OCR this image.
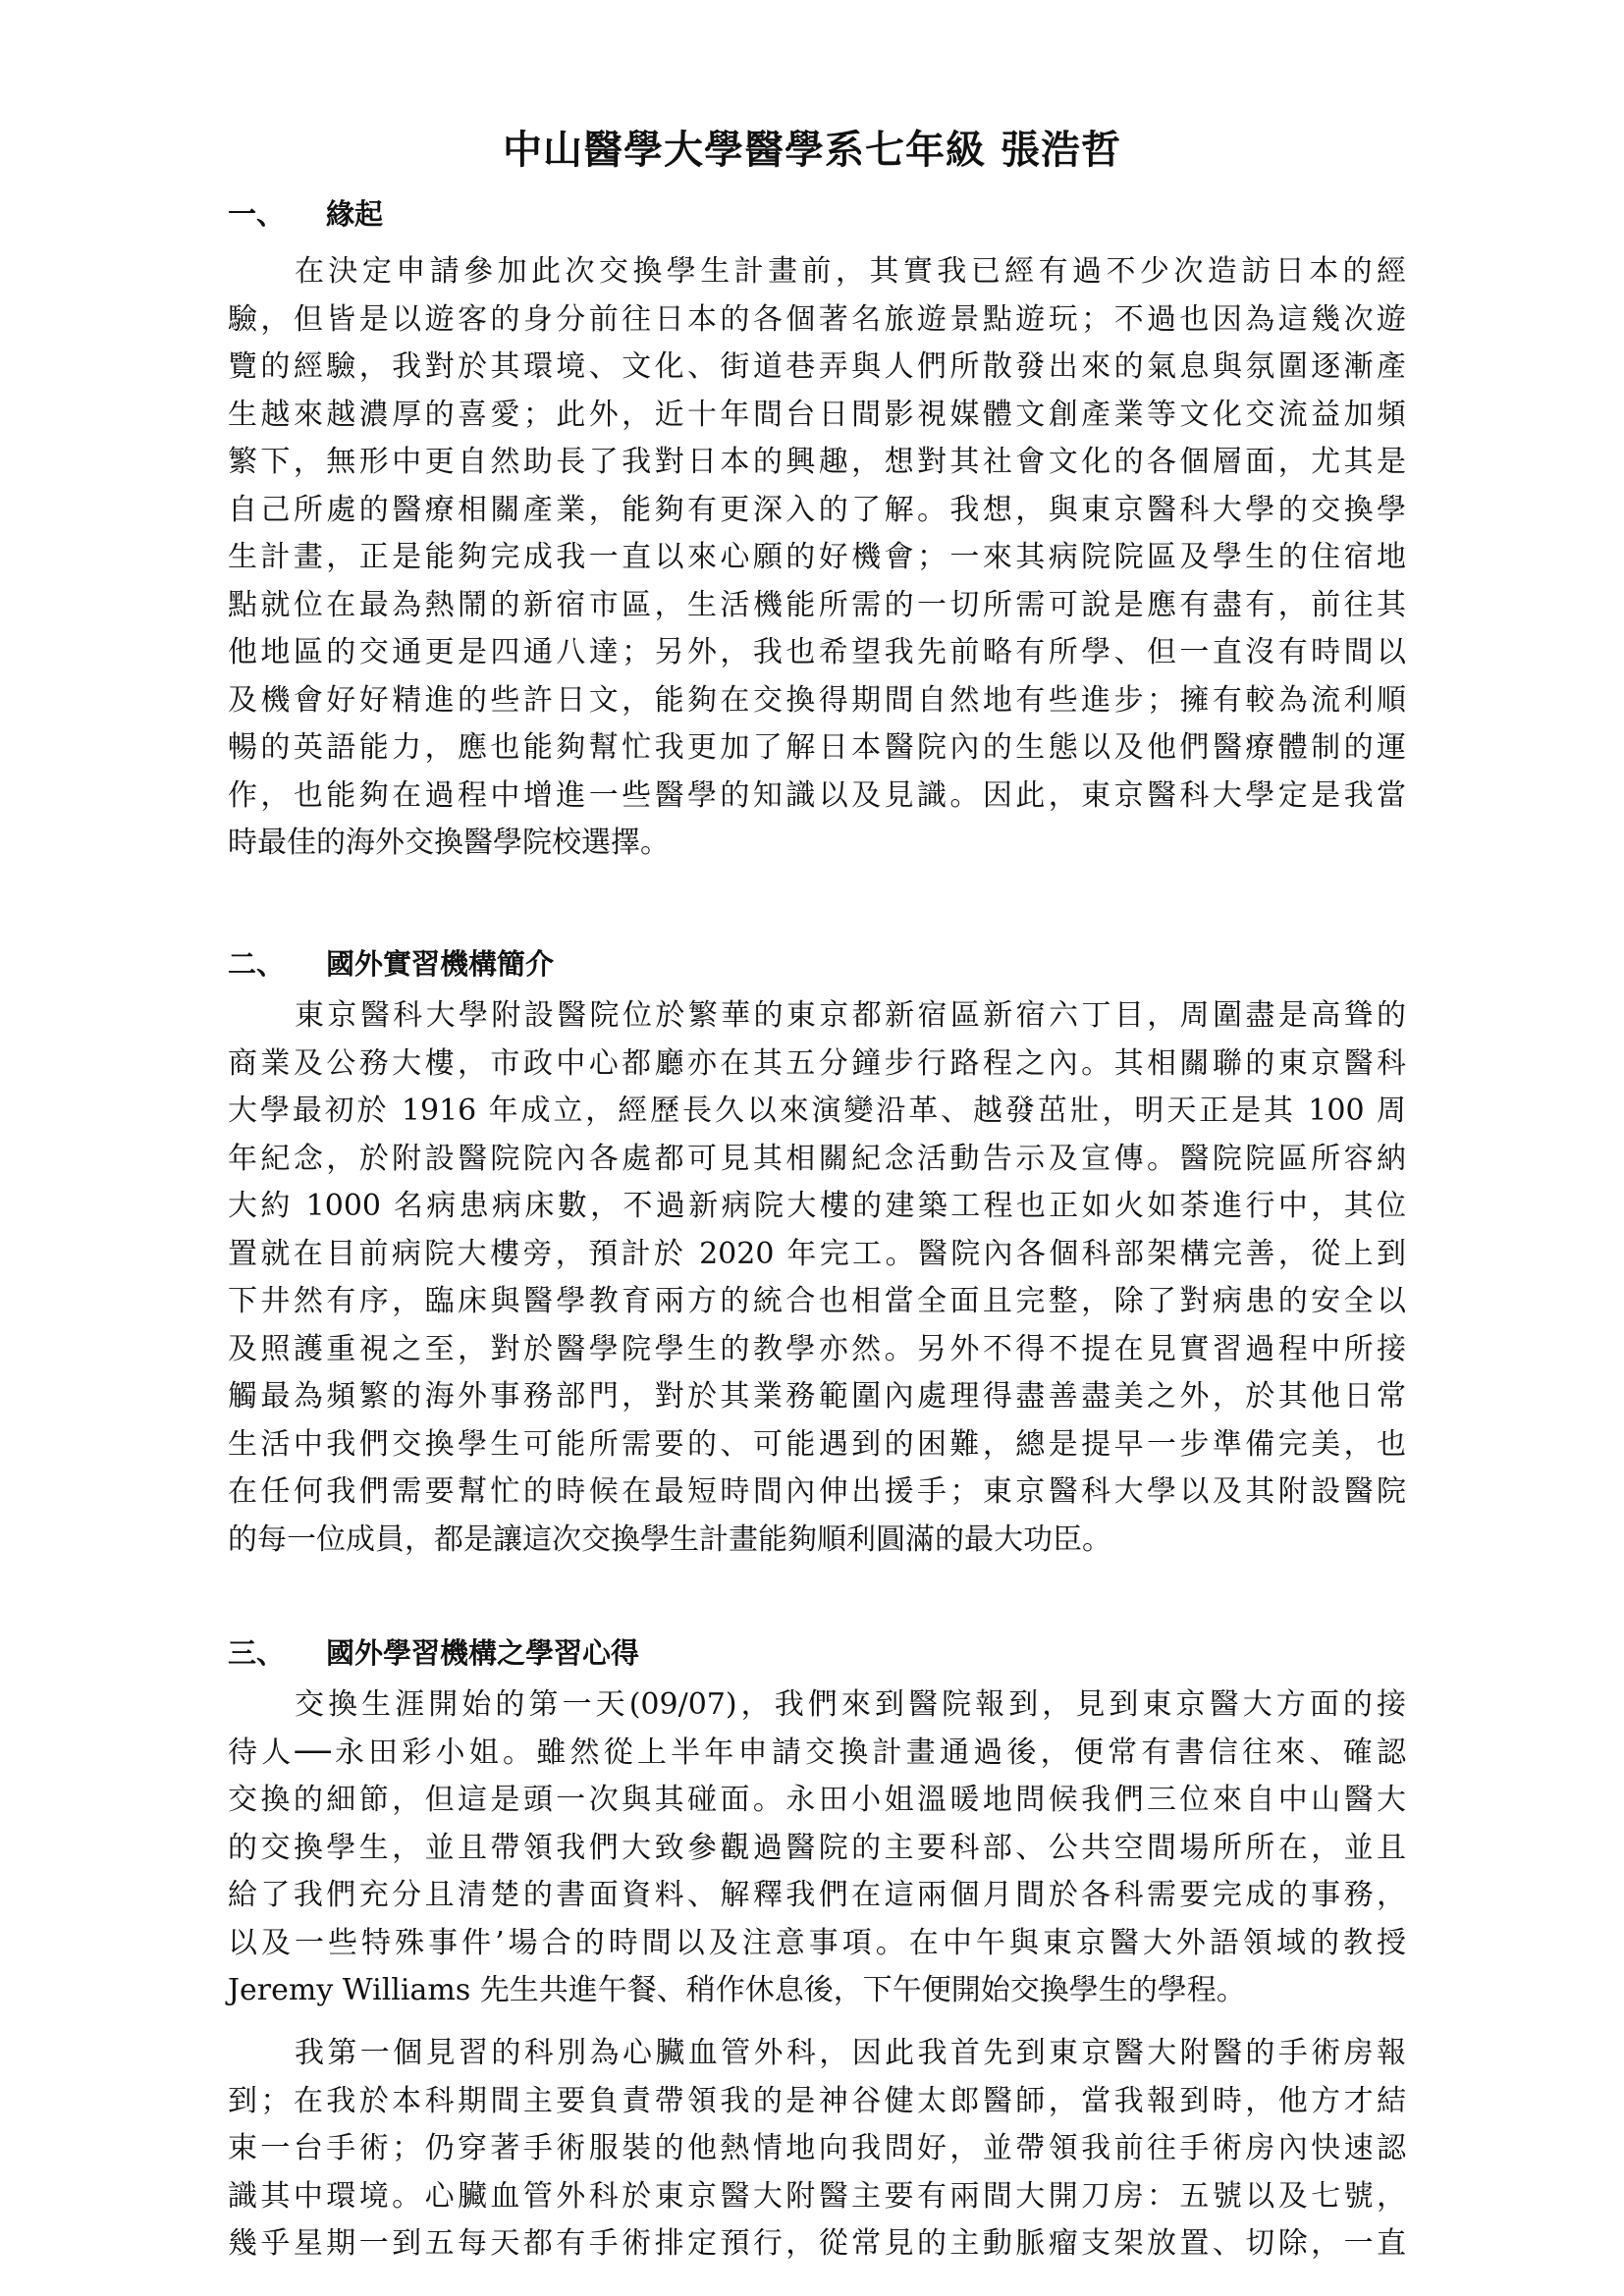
中山醫學大學醫學系七年級 張浩哲
一、 緣起
在決定申請參加此次交換學生計畫前，其實我已經有過不少次造訪日本的經
驗，但皆是以遊客的身分前往日本的各個著名旅遊景點遊玩；不過也因為這幾次遊
覽的經驗，我對於其環境、文化、街道巷弄與人們所散發出來的氣息與氛圍逐漸產
生越來越濃厚的喜愛；此外，近十年間台日間影視媒體文創產業等文化交流益加頻
繁下，無形中更自然助長了我對日本的興趣，想對其社會文化的各個層面，尤其是
自己所處的醫療相關產業，能夠有更深入的了解。我想，與東京醫科大學的交換學
生計畫，正是能夠完成我一直以來心願的好機會；一來其病院院區及學生的住宿地
點就位在最為熱鬧的新宿市區，生活機能所需的一切所需可說是應有盡有，前往其
他地區的交通更是四通八達；另外，我也希望我先前略有所學、但一直沒有時間以
及機會好好精進的些許日文，能夠在交換得期間自然地有些進步；擁有較為流利順
暢的英語能力，應也能夠幫忙我更加了解日本醫院內的生態以及他們醫療體制的運
作，也能夠在過程中增進一些醫學的知識以及見識。因此，東京醫科大學定是我當
時最佳的海外交換醫學院校選擇。
二、 國外實習機構簡介
東京醫科大學附設醫院位於繁華的東京都新宿區新宿六丁目，周圍盡是高聳的
商業及公務大樓，市政中心都廳亦在其五分鐘步行路程之內。其相關聯的東京醫科
大學最初於 1916 年成立，經歷長久以來演變沿革、越發茁壯，明天正是其 100 周
年紀念，於附設醫院院內各處都可見其相關紀念活動告示及宣傳。醫院院區所容納
大約 1000 名病患病床數，不過新病院大樓的建築工程也正如火如荼進行中，其位
置就在目前病院大樓旁，預計於 2020 年完工。醫院內各個科部架構完善，從上到
下井然有序，臨床與醫學教育兩方的統合也相當全面且完整，除了對病患的安全以
及照護重視之至，對於醫學院學生的教學亦然。另外不得不提在見實習過程中所接
觸最為頻繁的海外事務部門，對於其業務範圍內處理得盡善盡美之外，於其他日常
生活中我們交換學生可能所需要的、可能遇到的困難，總是提早一步準備完美，也
在任何我們需要幫忙的時候在最短時間內伸出援手；東京醫科大學以及其附設醫院
的每一位成員，都是讓這次交換學生計畫能夠順利圓滿的最大功臣。
三、 國外學習機構之學習心得
交換生涯開始的第一天(09/07)，我們來到醫院報到，見到東京醫大方面的接
待人──永田彩小姐。雖然從上半年申請交換計畫通過後，便常有書信往來、確認
交換的細節，但這是頭一次與其碰面。永田小姐溫暖地問候我們三位來自中山醫大
的交換學生，並且帶領我們大致參觀過醫院的主要科部、公共空間場所所在，並且
給了我們充分且清楚的書面資料、解釋我們在這兩個月間於各科需要完成的事務，
以及一些特殊事件’場合的時間以及注意事項。在中午與東京醫大外語領域的教授
Jeremy Williams 先生共進午餐、稍作休息後，下午便開始交換學生的學程。
我第一個見習的科別為心臟血管外科，因此我首先到東京醫大附醫的手術房報
到；在我於本科期間主要負責帶領我的是神谷健太郎醫師，當我報到時，他方才結
束一台手術；仍穿著手術服裝的他熱情地向我問好，並帶領我前往手術房內快速認
識其中環境。心臟血管外科於東京醫大附醫主要有兩間大開刀房：五號以及七號，
幾乎星期一到五每天都有手術排定預行，從常見的主動脈瘤支架放置、切除，一直
